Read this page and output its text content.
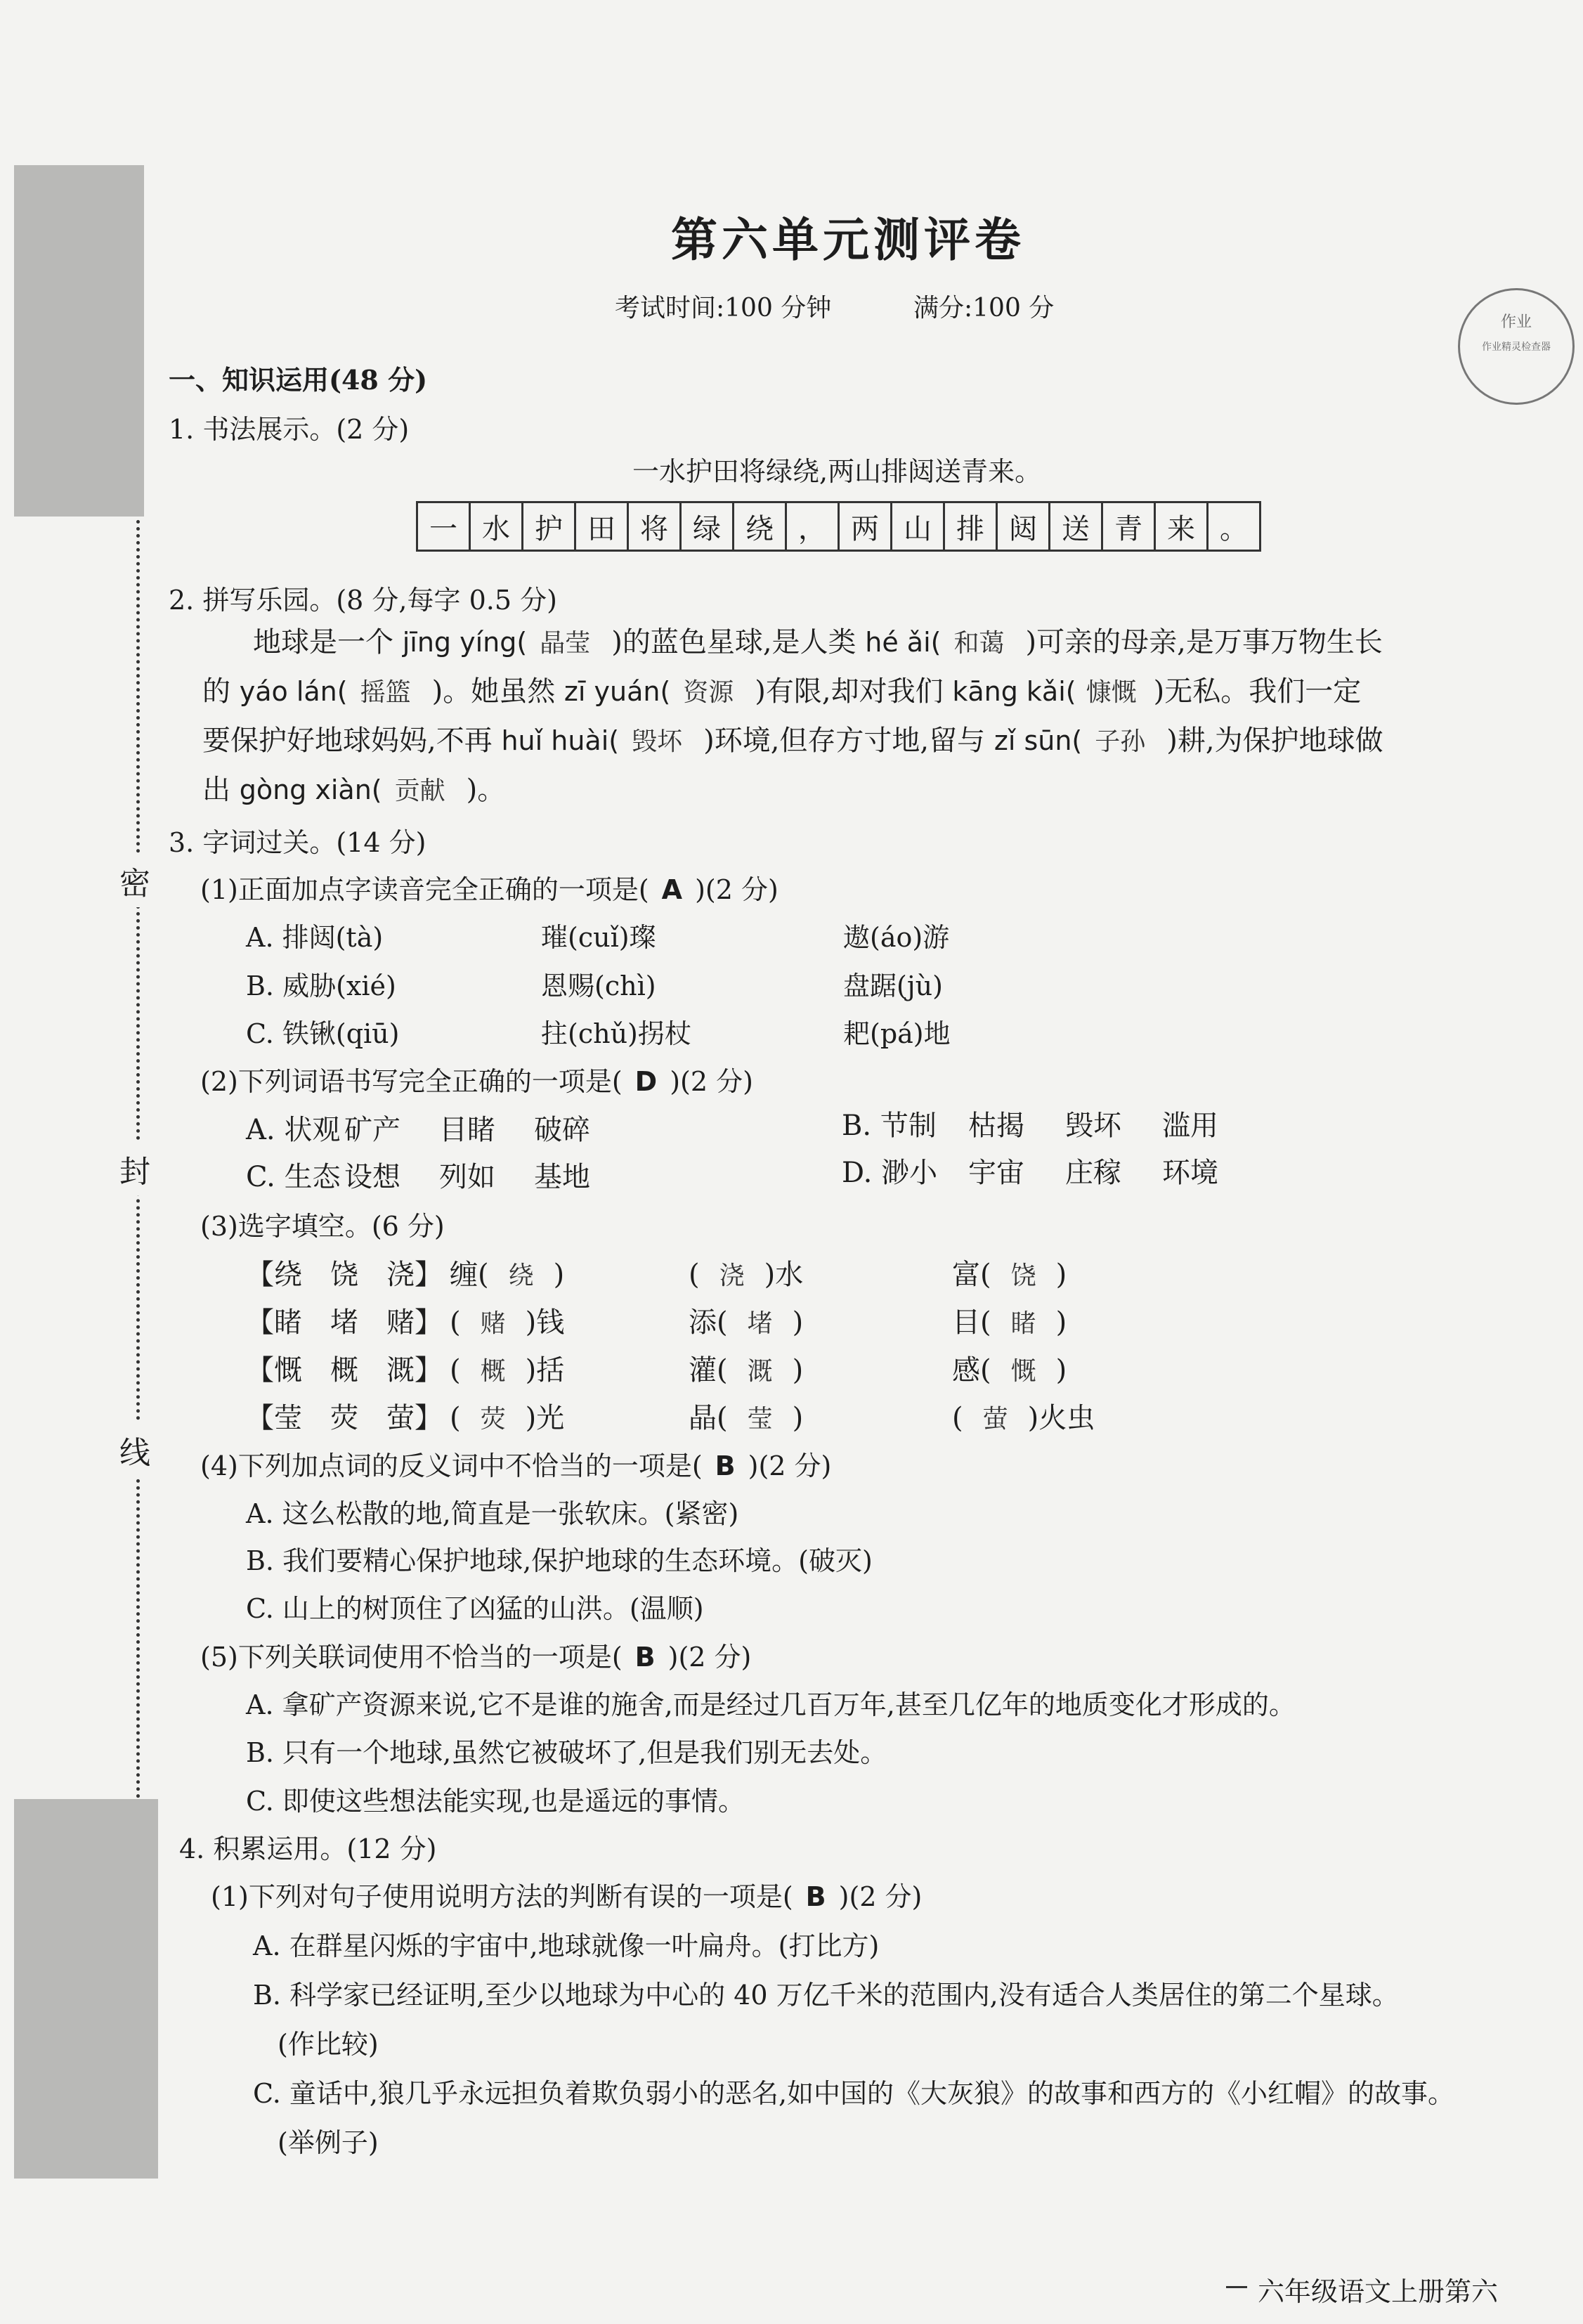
密
封
线
第六单元测评卷
考试时间:100 分钟	满分:100 分	作业
作业精灵检查器
一、知识运用(48 分)
1. 书法展示。(2 分)
一水护田将绿绕,两山排闼送青来。
一	水	护	田	将	绿	绕	，	两	山	排	闼	送	青	来	。
2. 拼写乐园。(8 分,每字 0.5 分)
地球是一个 jīng yíng( 晶莹 )的蓝色星球,是人类 hé ǎi( 和蔼 )可亲的母亲,是万事万物生长
的 yáo lán( 摇篮 )。她虽然 zī yuán( 资源 )有限,却对我们 kāng kǎi( 慷慨 )无私。我们一定
要保护好地球妈妈,不再 huǐ huài( 毁坏 )环境,但存方寸地,留与 zǐ sūn( 子孙 )耕,为保护地球做
出 gòng xiàn( 贡献 )。
3. 字词过关。(14 分)
(1)正面加点字读音完全正确的一项是( A )(2 分)
A. 排闼(tà)	璀(cuǐ)璨	遨(áo)游
B. 威胁(xié)	恩赐(chì)	盘踞(jù)
C. 铁锹(qiū)	拄(chǔ)拐杖	耙(pá)地
(2)下列词语书写完全正确的一项是( D )(2 分)
A. 状观 矿产 目睹 破碎	B. 节制 枯揭 毁坏 滥用
C. 生态 设想 列如 基地	D. 渺小 宇宙 庄稼 环境
(3)选字填空。(6 分)
【绕　饶　浇】 缠( 绕 )	( 浇 )水	富( 饶 )
【睹　堵　赌】 ( 赌 )钱	添( 堵 )	目( 睹 )
【慨　概　溉】 ( 概 )括	灌( 溉 )	感( 慨 )
【莹　荧　萤】 ( 荧 )光	晶( 莹 )	( 萤 )火虫
(4)下列加点词的反义词中不恰当的一项是( B )(2 分)
A. 这么松散的地,简直是一张软床。(紧密)
B. 我们要精心保护地球,保护地球的生态环境。(破灭)
C. 山上的树顶住了凶猛的山洪。(温顺)
(5)下列关联词使用不恰当的一项是( B )(2 分)
A. 拿矿产资源来说,它不是谁的施舍,而是经过几百万年,甚至几亿年的地质变化才形成的。
B. 只有一个地球,虽然它被破坏了,但是我们别无去处。
C. 即使这些想法能实现,也是遥远的事情。
4. 积累运用。(12 分)
(1)下列对句子使用说明方法的判断有误的一项是( B )(2 分)
A. 在群星闪烁的宇宙中,地球就像一叶扁舟。(打比方)
B. 科学家已经证明,至少以地球为中心的 40 万亿千米的范围内,没有适合人类居住的第二个星球。
(作比较)
C. 童话中,狼几乎永远担负着欺负弱小的恶名,如中国的《大灰狼》的故事和西方的《小红帽》的故事。
(举例子)
六年级语文上册第六
